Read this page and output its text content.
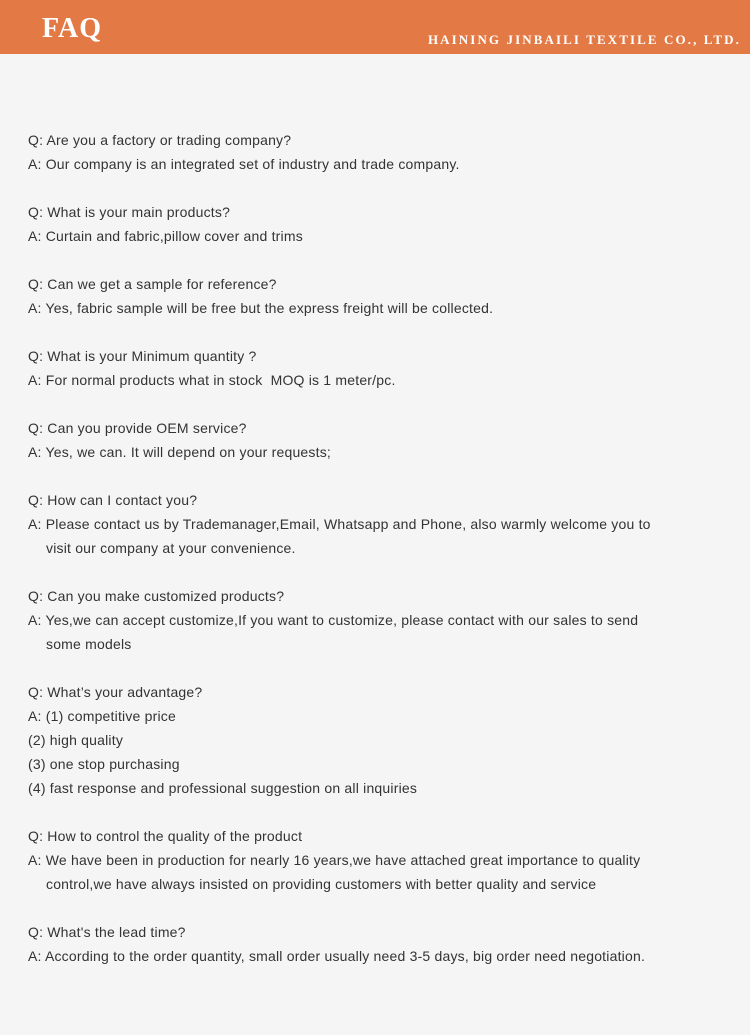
FAQ	HAINING JINBAILI TEXTILE CO., LTD.
Q: Are you a factory or trading company?
A: Our company is an integrated set of industry and trade company.
Q: What is your main products?
A: Curtain and fabric,pillow cover and trims
Q: Can we get a sample for reference?
A: Yes, fabric sample will be free but the express freight will be collected.
Q: What is your Minimum quantity ?
A: For normal products what in stock  MOQ is 1 meter/pc.
Q: Can you provide OEM service?
A: Yes, we can. It will depend on your requests;
Q: How can I contact you?
A: Please contact us by Trademanager,Email, Whatsapp and Phone, also warmly welcome you to
visit our company at your convenience.
Q: Can you make customized products?
A: Yes,we can accept customize,If you want to customize, please contact with our sales to send
some models
Q: What’s your advantage?
A: (1) competitive price
(2) high quality
(3) one stop purchasing
(4) fast response and professional suggestion on all inquiries
Q: How to control the quality of the product
A: We have been in production for nearly 16 years,we have attached great importance to quality
control,we have always insisted on providing customers with better quality and service
Q: What's the lead time?
A: According to the order quantity, small order usually need 3-5 days, big order need negotiation.
